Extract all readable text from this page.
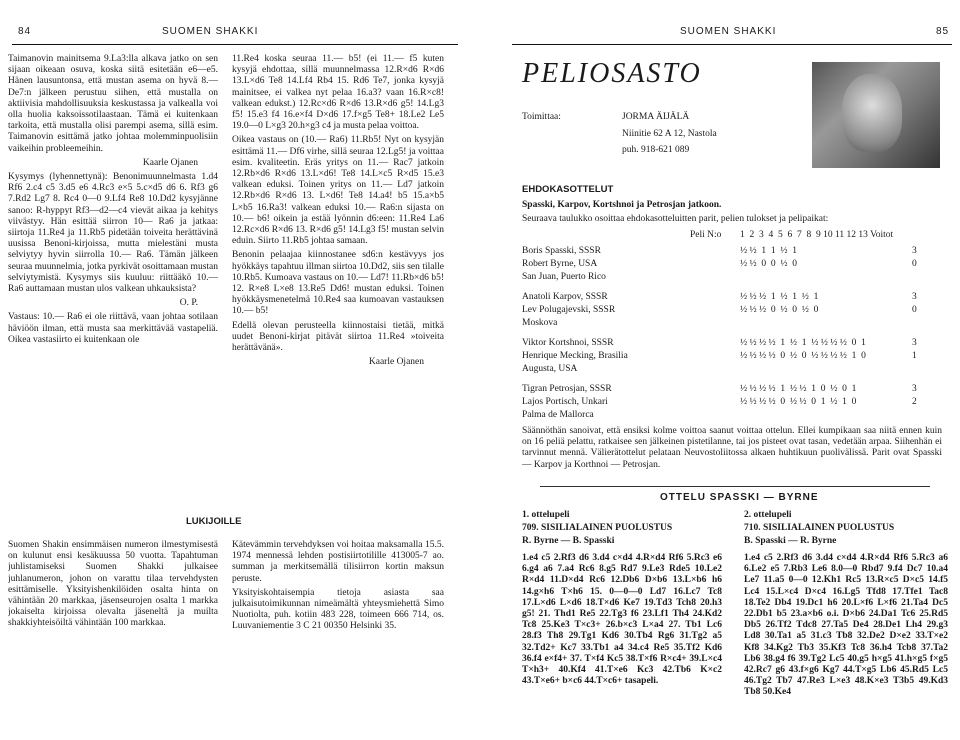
84	SUOMEN SHAKKI	SUOMEN SHAKKI	85

Taimanovin mainitsema 9.La3:lla alkava jatko on sen sijaan oikeaan osuva, koska siitä esitetään e6—e5. Hänen lausuntonsa, että mustan asema on hyvä 8.— De7:n jälkeen perustuu siihen, että mustalla on aktiivisia mahdollisuuksia keskustassa ja valkealla voi olla huolia kaksoissotilaastaan. Tämä ei kuitenkaan tarkoita, että mustalla olisi parempi asema, sillä esim. Taimanovin esittämä jatko johtaa molemminpuolisiin vaikeihin probleemeihin.

Kaarle Ojanen

Kysymys (lyhennettynä): Benonimuunnelmasta 1.d4 Rf6 2.c4 c5 3.d5 e6 4.Rc3 e×5 5.c×d5 d6 6. Rf3 g6 7.Rd2 Lg7 8. Rc4 0—0 9.Lf4 Re8 10.Dd2 kysyjänne sanoo: R-hyppyt Rf3—d2—c4 vievät aikaa ja kehitys viivästyy. Hän esittää siirron 10— Ra6 ja jatkaa: siirtoja 11.Re4 ja 11.Rb5 pidetään toiveita herättävinä uusissa Benoni-kirjoissa, mutta mielestäni musta selviytyy hyvin siirrolla 10.— Ra6. Tämän jälkeen seuraa muunnelmia, jotka pyrkivät osoittamaan mustan selviytymistä. Kysymys siis kuuluu: riittääkö 10.— Ra6 auttamaan mustan ulos valkean uhkauksista?

O. P.

Vastaus: 10.— Ra6 ei ole riittävä, vaan johtaa sotilaan häviöön ilman, että musta saa merkittävää vastapeliä. Oikea vastasiirto ei kuitenkaan ole

11.Re4 koska seuraa 11.— b5! (ei 11.— f5 kuten kysyjä ehdottaa, sillä muunnelmassa 12.R×d6 R×d6 13.L×d6 Te8 14.Lf4 Rb4 15. Rd6 Te7, jonka kysyjä mainitsee, ei valkea nyt pelaa 16.a3? vaan 16.R×c8! valkean edukst.) 12.Rc×d6 R×d6 13.R×d6 g5! 14.Lg3 f5! 15.e3 f4 16.e×f4 D×d6 17.f×g5 Te8+ 18.Le2 Le5 19.0—0 L×g3 20.h×g3 c4 ja musta pelaa voittoa.

Oikea vastaus on (10.— Ra6) 11.Rb5! Nyt on kysyjän esittämä 11.— Df6 virhe, sillä seuraa 12.Lg5! ja voittaa esim. kvaliteetin. Eräs yritys on 11.— Rac7 jatkoin 12.Rb×d6 R×d6 13.L×d6! Te8 14.L×c5 R×d5 15.e3 valkean eduksi. Toinen yritys on 11.— Ld7 jatkoin 12.Rb×d6 R×d6 13. L×d6! Te8 14.a4! b5 15.a×b5 L×b5 16.Ra3! valkean eduksi 10.— Ra6:n sijasta on 10.— b6! oikein ja estää lyönnin d6:een: 11.Re4 Lа6 12.Rc×d6 R×d6 13. R×d6 g5! 14.Lg3 f5! mustan selvin eduin. Siirto 11.Rb5 johtaa samaan.

Benonin pelaajaa kiinnostanee sd6:n kestävyys jos hyökkäys tapahtuu illman siirtoa 10.Dd2, siis sen tilalle 10.Rb5. Kumoava vastaus on 10.— Ld7! 11.Rb×d6 b5! 12. R×e8 L×e8 13.Re5 Dd6! mustan eduksi. Toinen hyökkäysmenetelmä 10.Re4 saa kumoavan vastauksen 10.— b5!

Edellä olevan perusteella kiinnostaisi tietää, mitkä uudet Benoni-kirjat pitävät siirtoa 11.Re4 »toiveita herättävänä».

Kaarle Ojanen

LUKIJOILLE

Suomen Shakin ensimmäisen numeron ilmestymisestä on kulunut ensi kesäkuussa 50 vuotta. Tapahtuman juhlistamiseksi Suomen Shakki julkaisee juhlanumeron, johon on varattu tilaa tervehdysten esittämiselle. Yksityishenkilöiden osalta hinta on vähintään 20 markkaa, jäsenseurojen osalta 1 markka jokaiselta kirjoissa olevalta jäseneltä ja muilta shakkiyhteisöiltä vähintään 100 markkaa.

Kätevämmin tervehdyksen voi hoitaa maksamalla 15.5. 1974 mennessä lehden postisiirtotilille 413005-7 ao. summan ja merkitsemällä tilisiirron kortin maksun peruste.

Yksityiskohtaisempia tietoja asiasta saa julkaisutoimikunnan nimeämältä yhteysmiehettä Simo Nuotiolta, puh. kotiin 483 228, toimeen 666 714, os. Luuvaniementie 3 C 21 00350 Helsinki 35.

PELIOSASTO
Toimittaa:	JORMA ÄIJÄLÄ
Niinitie 62 A 12, Nastola
puh. 918-621 089
EHDOKASOTTELUT
Spasski, Karpov, Kortshnoi ja Petrosjan jatkoon.
Seuraava taulukko osoittaa ehdokasotteluitten parit, pelien tulokset ja pelipaikat:
Peli N:o 1  2  3  4  5  6  7  8  9 10 11 12 13 Voitot
Boris Spasski, SSSR	½ ½  1  1  ½  1	3
Robert Byrne, USA	½ ½  0  0  ½  0	0
San Juan, Puerto Rico
Anatoli Karpov, SSSR	½ ½ ½  1  ½  1  ½  1	3
Lev Polugajevski, SSSR	½ ½ ½  0  ½  0  ½  0	0
Moskova
Viktor Kortshnoi, SSSR	½ ½ ½ ½  1  ½  1  ½ ½ ½ ½  0  1	3
Henrique Mecking, Brasilia	½ ½ ½ ½  0  ½  0  ½ ½ ½ ½  1  0	1
Augusta, USA
Tigran Petrosjan, SSSR	½ ½ ½ ½  1  ½ ½  1  0  ½  0  1	3
Lajos Portisch, Unkari	½ ½ ½ ½  0  ½ ½  0  1  ½  1  0	2
Palma de Mallorca

Säännöthän sanoivat, että ensiksi kolme voittoa saanut voittaa ottelun. Ellei kumpikaan saa niitä ennen kuin on 16 peliä pelattu, ratkaisee sen jälkeinen pistetilanne, tai jos pisteet ovat tasan, vedetään arpaa. Siihenhän ei tarvinnut mennä. Välierätottelut pelataan Neuvostoliitossa alkaen huhtikuun puolivälissä. Parit ovat Spasski — Karpov ja Korthnoi — Petrosjan.

OTTELU SPASSKI — BYRNE
1. ottelupeli
709. SISILIALAINEN PUOLUSTUS
R. Byrne — B. Spasski

1.e4 c5 2.Rf3 d6 3.d4 c×d4 4.R×d4 Rf6 5.Rc3 e6 6.g4 a6 7.a4 Rc6 8.g5 Rd7 9.Le3 Rde5 10.Le2 R×d4 11.D×d4 Rc6 12.Db6 D×b6 13.L×b6 h6 14.g×h6 T×h6 15. 0—0—0 Ld7 16.Lc7 Tc8 17.L×d6 L×d6 18.T×d6 Ke7 19.Td3 Tch8 20.h3 g5! 21. Thd1 Re5 22.Tg3 f6 23.Lf1 Th4 24.Kd2 Tc8 25.Ke3 T×c3+ 26.b×c3 L×a4 27. Tb1 Lc6 28.f3 Th8 29.Tg1 Kd6 30.Tb4 Rg6 31.Tg2 a5 32.Td2+ Kc7 33.Tb1 a4 34.c4 Re5 35.Tf2 Kd6 36.f4 e×f4+ 37. T×f4 Kc5 38.T×f6 R×c4+ 39.L×c4 T×h3+ 40.Kf4 41.T×e6 Kc3 42.Tb6 K×c2 43.T×e6+ b×c6 44.T×c6+ tasapeli.

2. ottelupeli
710. SISILIALAINEN PUOLUSTUS
B. Spasski — R. Byrne

1.e4 c5 2.Rf3 d6 3.d4 c×d4 4.R×d4 Rf6 5.Rc3 a6 6.Le2 e5 7.Rb3 Le6 8.0—0 Rbd7 9.f4 Dc7 10.a4 Le7 11.a5 0—0 12.Kh1 Rc5 13.R×c5 D×c5 14.f5 Lc4 15.L×c4 D×c4 16.Lg5 Tfd8 17.Tfe1 Tac8 18.Te2 Db4 19.Dc1 h6 20.L×f6 L×f6 21.Ta4 Dc5 22.Db1 b5 23.a×b6 o.i. D×b6 24.Da1 Tc6 25.Rd5 Db5 26.Tf2 Tdc8 27.Ta5 De4 28.De1 Lh4 29.g3 Ld8 30.Ta1 a5 31.c3 Tb8 32.De2 D×e2 33.T×e2 Kf8 34.Kg2 Tb3 35.Kf3 Tc8 36.h4 Tcb8 37.Ta2 Lb6 38.g4 f6 39.Tg2 Lc5 40.g5 h×g5 41.h×g5 f×g5 42.Rc7 g6 43.f×g6 Kg7 44.T×g5 Lb6 45.Rd5 Lc5 46.Tg2 Tb7 47.Re3 L×e3 48.K×e3 T3b5 49.Kd3 Tb8 50.Ke4
